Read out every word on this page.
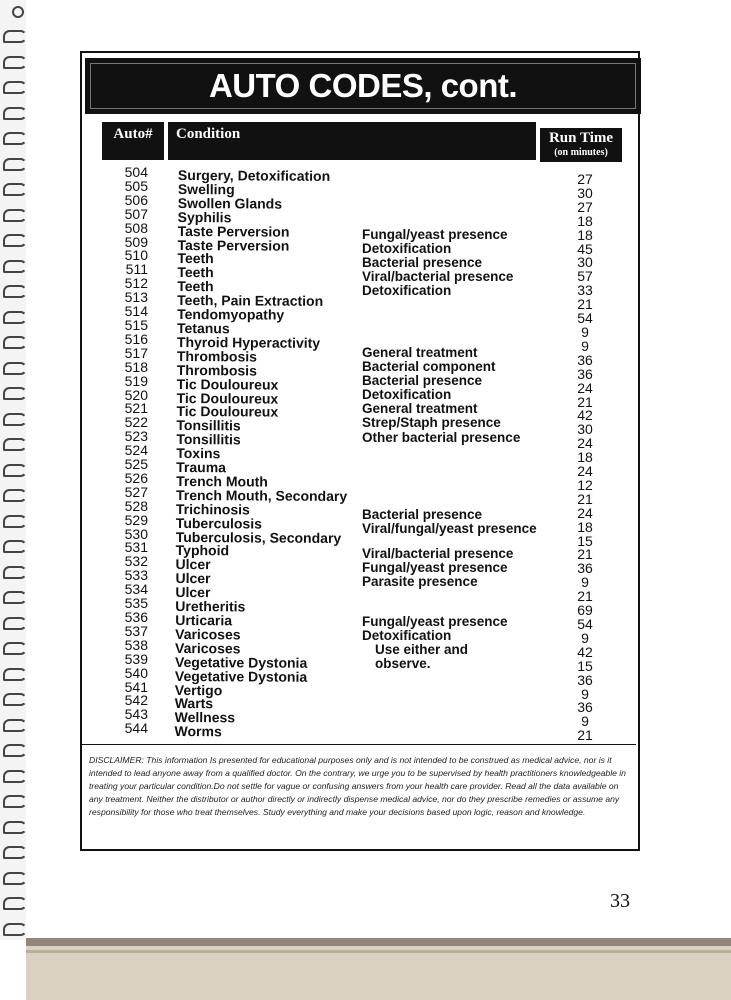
AUTO CODES, cont.
Auto#	Condition	Run Time
(on minutes)
504
505
506
507
508
509
510
511
512
513
514
515
516
517
518
519
520
521
522
523
524
525
526
527
528
529
530
531
532
533
534
535
536
537
538
539
540
541
542
543
544
Surgery, Detoxification
Swelling
Swollen Glands
Syphilis
Taste Perversion
Taste Perversion
Teeth
Teeth
Teeth
Teeth, Pain Extraction
Tendomyopathy
Tetanus
Thyroid Hyperactivity
Thrombosis
Thrombosis
Tic Douloureux
Tic Douloureux
Tic Douloureux
Tonsillitis
Tonsillitis
Toxins
Trauma
Trench Mouth
Trench Mouth, Secondary
Trichinosis
Tuberculosis
Tuberculosis, Secondary
Typhoid
Ulcer
Ulcer
Ulcer
Uretheritis
Urticaria
Varicoses
Varicoses
Vegetative Dystonia
Vegetative Dystonia
Vertigo
Warts
Wellness
Worms
27
30
27
18
18
45
30
57
33
21
54
9
9
36
36
24
21
42
30
24
18
24
12
21
24
18
15
21
36
9
21
69
54
9
42
15
36
9
36
9
21
Fungal/yeast presence
Detoxification
Bacterial presence
Viral/bacterial presence
Detoxification
General treatment
Bacterial component
Bacterial presence
Detoxification
General treatment
Strep/Staph presence
Other bacterial presence
Bacterial presence
Viral/fungal/yeast presence
Viral/bacterial presence
Fungal/yeast presence
Parasite presence
Fungal/yeast presence
Detoxification
Use either and
observe.
DISCLAIMER: This information Is presented for educational purposes only and is not intended to be construed as medical advice, nor is it intended to lead anyone away from a qualified doctor. On the contrary, we urge you to be supervised by health practitioners knowledgeable in treating your particular condition.Do not settle for vague or confusing answers from your health care provider. Read all the data available on any treatment. Neither the distributor or author directly or indirectly dispense medical advice, nor do they prescribe remedies or assume any responsibility for those who treat themselves. Study everything and make your decisions based upon logic, reason and knowledge.
33
